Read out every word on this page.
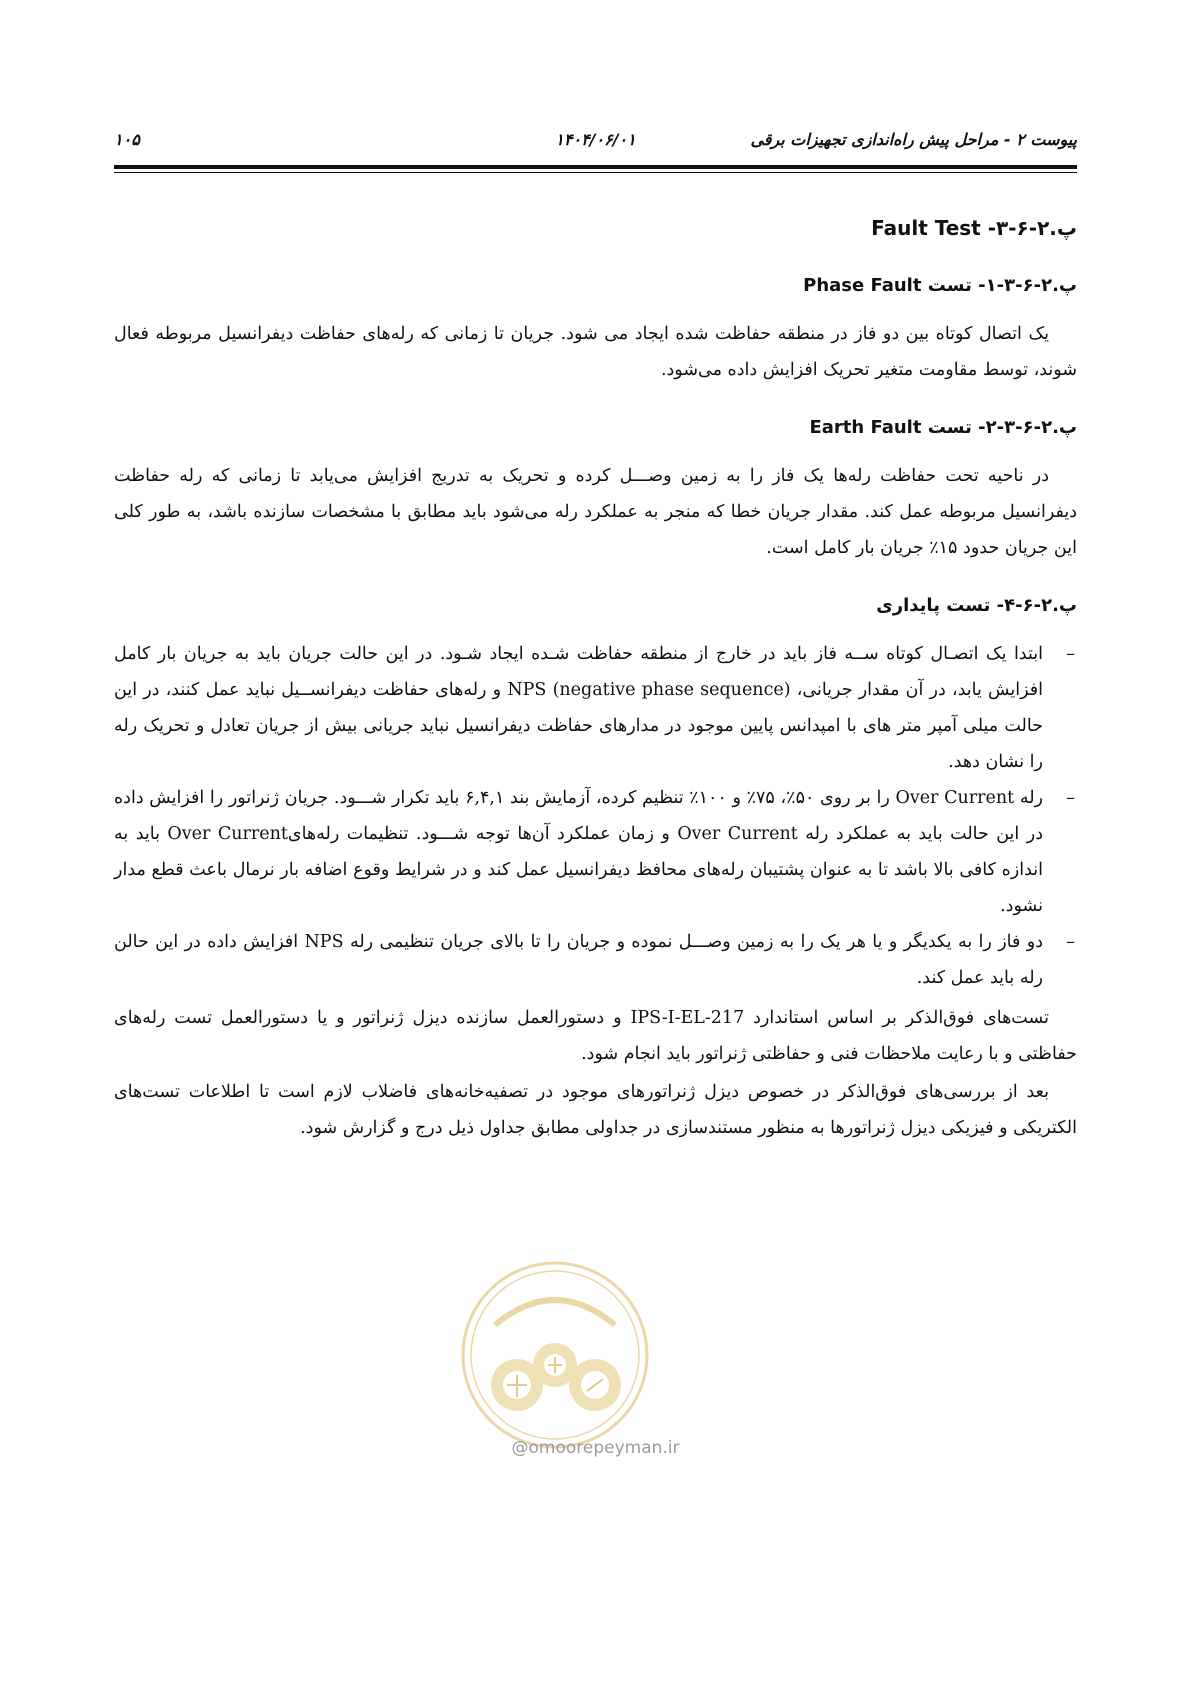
پیوست ۲ - مراحل پیش راه‌اندازی تجهیزات برقی
۱۴۰۴/۰۶/۰۱
۱۰۵

پ.۲-۶-۳- Fault Test

پ.۲-۶-۳-۱- تست Phase Fault

یک اتصال کوتاه بین دو فاز در منطقه حفاظت شده ایجاد می شود. جریان تا زمانی که رله‌های حفاظت دیفرانسیل مربوطه فعال شوند، توسط مقاومت متغیر تحریک افزایش داده می‌شود.

پ.۲-۶-۳-۲- تست Earth Fault

در ناحیه تحت حفاظت رله‌ها یک فاز را به زمین وصـــل کرده و تحریک به تدریج افزایش می‌یابد تا زمانی که رله حفاظت دیفرانسیل مربوطه عمل کند. مقدار جریان خطا که منجر به عملکرد رله می‌شود باید مطابق با مشخصات سازنده باشد، به طور کلی این جریان حدود ۱۵٪ جریان بار کامل است.

پ.۲-۶-۴- تست پایداری

–
ابتدا یک اتصـال کوتاه ســه فاز باید در خارج از منطقه حفاظت شـده ایجاد شـود. در این حالت جریان باید به جریان بار کامل افزایش یابد، در آن مقدار جریانی، NPS (negative phase sequence) و رله‌های حفاظت دیفرانســیل نباید عمل کنند، در این حالت میلی آمپر متر های با امپدانس پایین موجود در مدارهای حفاظت دیفرانسیل نباید جریانی بیش از جریان تعادل و تحریک رله را نشان دهد.
–
رله Over Current را بر روی ۵۰٪، ۷۵٪ و ۱۰۰٪ تنظیم کرده، آزمایش بند ۶,۴,۱ باید تکرار شـــود. جریان ژنراتور را افزایش داده در این حالت باید به عملکرد رله Over Current و زمان عملکرد آن‌ها توجه شـــود. تنظیمات رله‌هایOver Current باید به اندازه کافی بالا باشد تا به عنوان پشتیبان رله‌های محافظ دیفرانسیل عمل کند و در شرایط وقوع اضافه بار نرمال باعث قطع مدار نشود.
–
دو فاز را به یکدیگر و یا هر یک را به زمین وصـــل نموده و جریان را تا بالای جریان تنظیمی رله NPS افزایش داده در این حالن رله باید عمل کند.

تست‌های فوق‌الذکر بر اساس استاندارد IPS-I-EL-217 و دستورالعمل سازنده دیزل ژنراتور و یا دستورالعمل تست رله‌های حفاظتی و با رعایت ملاحظات فنی و حفاظتی ژنراتور باید انجام شود.

بعد از بررسی‌های فوق‌الذکر در خصوص دیزل ژنراتورهای موجود در تصفیه‌خانه‌های فاضلاب لازم است تا اطلاعات تست‌های الکتریکی و فیزیکی دیزل ژنراتورها به منظور مستندسازی در جداولی مطابق جداول ذیل درج و گزارش شود.

@omoorepeyman.ir
